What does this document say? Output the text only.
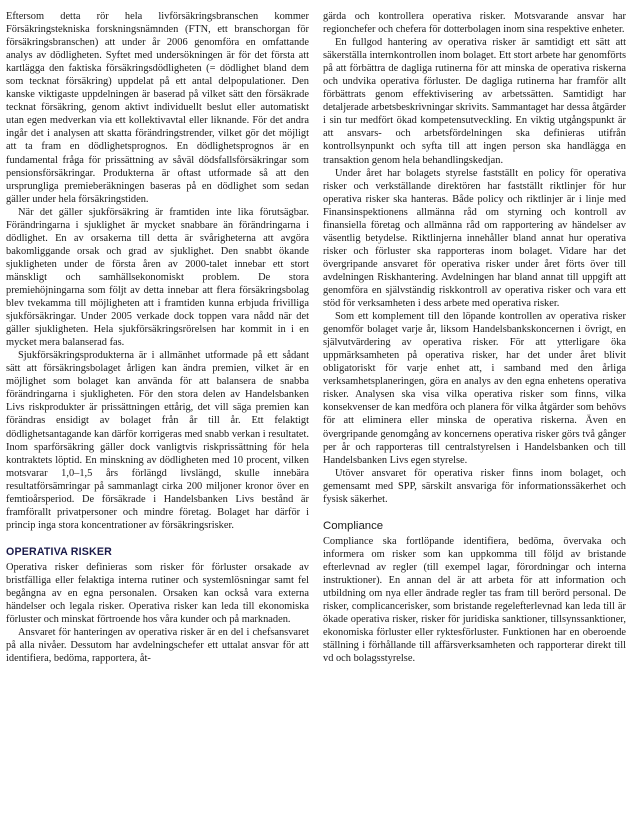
Eftersom detta rör hela livförsäkringsbranschen kommer Försäkringstekniska forskningsnämnden (FTN, ett branschorgan för försäkringsbranschen) att under år 2006 genomföra en omfattande analys av dödligheten. Syftet med undersökningen är för det första att kartlägga den faktiska försäkringsdödligheten (= dödlighet bland dem som tecknat försäkring) uppdelat på ett antal delpopulationer. Den kanske viktigaste uppdelningen är baserad på vilket sätt den försäkrade tecknat försäkring, genom aktivt individuellt beslut eller automatiskt utan egen medverkan via ett kollektivavtal eller liknande. För det andra ingår det i analysen att skatta förändringstrender, vilket gör det möjligt att ta fram en dödlighetsprognos. En dödlighetsprognos är en fundamental fråga för prissättning av såväl dödsfallsförsäkringar som pensionsförsäkringar. Produkterna är oftast utformade så att den ursprungliga premieberäkningen baseras på en dödlighet som sedan gäller under hela försäkringstiden.

När det gäller sjukförsäkring är framtiden inte lika förutsägbar. Förändringarna i sjuklighet är mycket snabbare än förändringarna i dödlighet. En av orsakerna till detta är svårigheterna att avgöra bakomliggande orsak och grad av sjuklighet. Den snabbt ökande sjukligheten under de första åren av 2000-talet innebar ett stort mänskligt och samhällsekonomiskt problem. De stora premiehöjningarna som följt av detta innebar att flera försäkringsbolag blev tvekamma till möjligheten att i framtiden kunna erbjuda frivilliga sjukförsäkringar. Under 2005 verkade dock toppen vara nådd när det gäller sjukligheten. Hela sjukförsäkringsrörelsen har kommit in i en mycket mera balanserad fas.

Sjukförsäkringsprodukterna är i allmänhet utformade på ett sådant sätt att försäkringsbolaget årligen kan ändra premien, vilket är en möjlighet som bolaget kan använda för att balansera de snabba förändringarna i sjukligheten. För den stora delen av Handelsbanken Livs riskprodukter är prissättningen ettårig, det vill säga premien kan förändras ensidigt av bolaget från år till år. Ett felaktigt dödlighetsantagande kan därför korrigeras med snabb verkan i resultatet. Inom sparförsäkring gäller dock vanligtvis riskprissättning för hela kontraktets löptid. En minskning av dödligheten med 10 procent, vilken motsvarar 1,0–1,5 års förlängd livslängd, skulle innebära resultatförsämringar på sammanlagt cirka 200 miljoner kronor över en femtioårsperiod. De försäkrade i Handelsbanken Livs bestånd är framförallt privatpersoner och mindre företag. Bolaget har därför i princip inga stora koncentrationer av försäkringsrisker.

OPERATIVA RISKER

Operativa risker definieras som risker för förluster orsakade av bristfälliga eller felaktiga interna rutiner och systemlösningar samt fel begångna av en egna personalen. Orsaken kan också vara externa händelser och legala risker. Operativa risker kan leda till ekonomiska förluster och minskat förtroende hos våra kunder och på marknaden.

Ansvaret för hanteringen av operativa risker är en del i chefsansvaret på alla nivåer. Dessutom har avdelningschefer ett uttalat ansvar för att identifiera, bedöma, rapportera, åt-

gärda och kontrollera operativa risker. Motsvarande ansvar har regionchefer och chefera för dotterbolagen inom sina respektive enheter.

En fullgod hantering av operativa risker är samtidigt ett sätt att säkerställa internkontrollen inom bolaget. Ett stort arbete har genomförts på att förbättra de dagliga rutinerna för att minska de operativa riskerna och undvika operativa förluster. De dagliga rutinerna har framför allt förbättrats genom effektivisering av arbetssätten. Samtidigt har detaljerade arbetsbeskrivningar skrivits. Sammantaget har dessa åtgärder i sin tur medfört ökad kompetensutveckling. En viktig utgångspunkt är att ansvars- och arbetsfördelningen ska definieras utifrån kontrollsynpunkt och syfta till att ingen person ska handlägga en transaktion genom hela behandlingskedjan.

Under året har bolagets styrelse fastställt en policy för operativa risker och verkställande direktören har fastställt riktlinjer för hur operativa risker ska hanteras. Både policy och riktlinjer är i linje med Finansinspektionens allmänna råd om styrning och kontroll av finansiella företag och allmänna råd om rapportering av händelser av väsentlig betydelse. Riktlinjerna innehåller bland annat hur operativa risker och förluster ska rapporteras inom bolaget. Vidare har det övergripande ansvaret för operativa risker under året förts över till avdelningen Riskhantering. Avdelningen har bland annat till uppgift att genomföra en självständig riskkontroll av operativa risker och vara ett stöd för verksamheten i dess arbete med operativa risker.

Som ett komplement till den löpande kontrollen av operativa risker genomför bolaget varje år, liksom Handelsbankskoncernen i övrigt, en självutvärdering av operativa risker. För att ytterligare öka uppmärksamheten på operativa risker, har det under året blivit obligatoriskt för varje enhet att, i samband med den årliga verksamhetsplaneringen, göra en analys av den egna enhetens operativa risker. Analysen ska visa vilka operativa risker som finns, vilka konsekvenser de kan medföra och planera för vilka åtgärder som behövs för att eliminera eller minska de operativa riskerna. Även en övergripande genomgång av koncernens operativa risker görs två gånger per år och rapporteras till centralstyrelsen i Handelsbanken och till Handelsbanken Livs egen styrelse.

Utöver ansvaret för operativa risker finns inom bolaget, och gemensamt med SPP, särskilt ansvariga för informationssäkerhet och fysisk säkerhet.

Compliance

Compliance ska fortlöpande identifiera, bedöma, övervaka och informera om risker som kan uppkomma till följd av bristande efterlevnad av regler (till exempel lagar, förordningar och interna instruktioner). En annan del är att arbeta för att information och utbildning om nya eller ändrade regler tas fram till berörd personal. De risker, complicancerisker, som bristande regelefterlevnad kan leda till är ökade operativa risker, risker för juridiska sanktioner, tillsynssanktioner, ekonomiska förluster eller ryktesförluster. Funktionen har en oberoende ställning i förhållande till affärsverksamheten och rapporterar direkt till vd och bolagsstyrelse.
